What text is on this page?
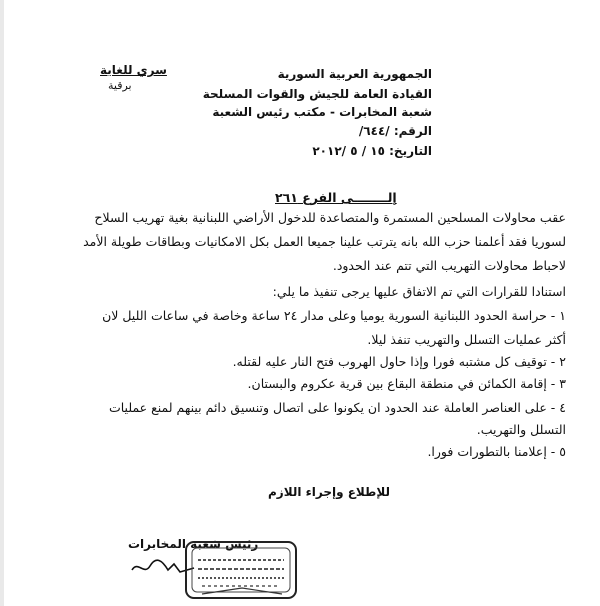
الجمهورية العربية السورية
القيادة العامة للجيش والقوات المسلحة
شعبة المخابرات - مكتب رئيس الشعبة
الرقم: /٦٤٤/
التاريخ: ١٥ / ٥ /٢٠١٢
سري للغاية
برقية
إلــــــــى الفرع ٢٦١
عقب محاولات المسلحين المستمرة والمتصاعدة للدخول الأراضي اللبنانية بغية تهريب السلاح
لسوريا فقد أعلمنا حزب الله بانه يترتب علينا جميعا العمل بكل الامكانيات وبطاقات طويلة الأمد
لاحباط محاولات التهريب التي تتم عند الحدود.
استنادا للقرارات التي تم الاتفاق عليها يرجى تنفيذ ما يلي:
١ - حراسة الحدود اللبنانية السورية يوميا وعلى مدار ٢٤ ساعة وخاصة في ساعات الليل لان
أكثر عمليات التسلل والتهريب تنفذ ليلا.
٢ - توقيف كل مشتبه فورا وإذا حاول الهروب فتح النار عليه لقتله.
٣ - إقامة الكمائن في منطقة البقاع بين قرية عكروم والبستان.
٤ - على العناصر العاملة عند الحدود ان يكونوا على اتصال وتنسيق دائم بينهم لمنع عمليات
التسلل والتهريب.
٥ - إعلامنا بالتطورات فورا.
للإطلاع وإجراء اللازم
رئيس شعبة المخابرات
